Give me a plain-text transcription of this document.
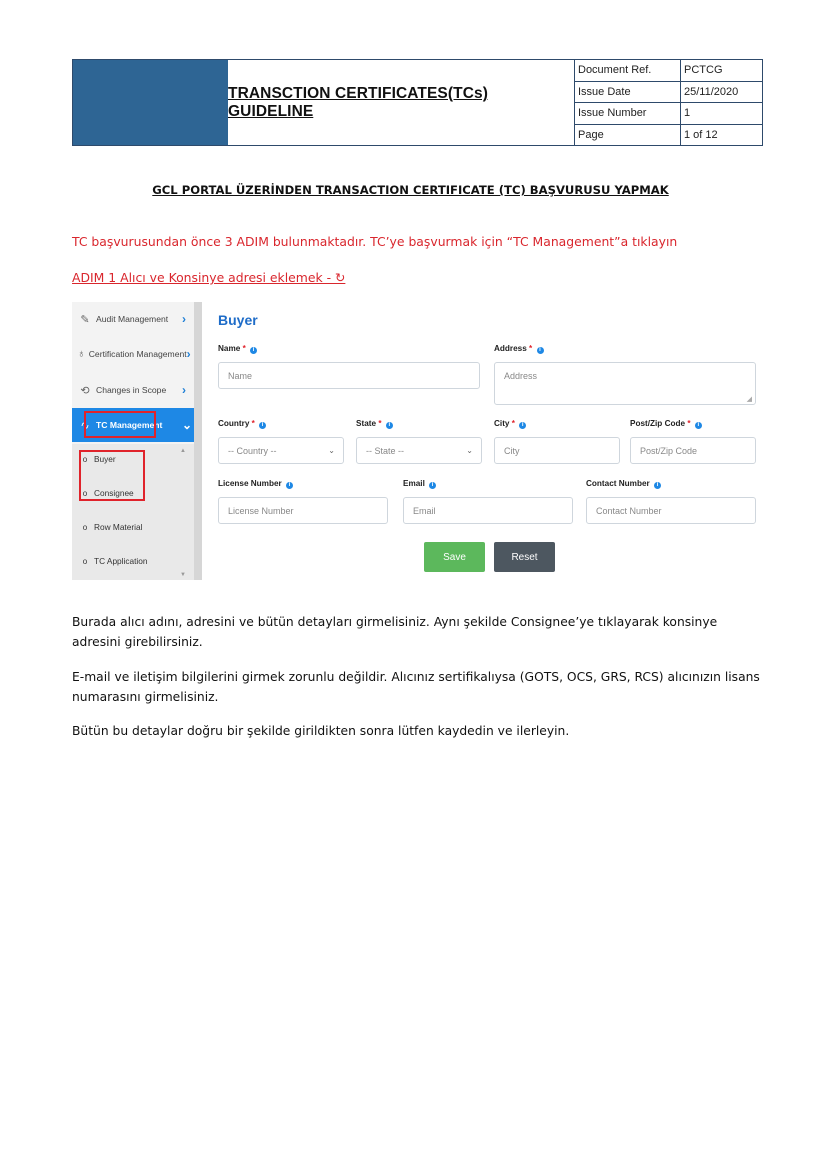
TRANSCTION CERTIFICATES(TCs) GUIDELINE
Document Ref.	PCTCG
Issue Date	25/11/2020
Issue Number	1
Page	1 of 12
GCL PORTAL ÜZERİNDEN TRANSACTION CERTIFICATE (TC) BAŞVURUSU YAPMAK
TC başvurusundan önce 3 ADIM bulunmaktadır. TC’ye başvurmak için “TC Management”a tıklayın
ADIM 1 Alıcı ve Konsinye adresi eklemek - ↻
✎ Audit Management	›
♁ Certification Management ›
⟲ Changes in Scope	›
∿ TC Management	⌄
o Buyer
o Consignee
o Row Material
o TC Application
▲
▼
Buyer
Name * i
Name
Address * i
Address
◢
Country * i
-- Country --	⌄
State * i
-- State --	⌄
City * i
City
Post/Zip Code * i
Post/Zip Code
License Number i
License Number
Email i
Email
Contact Number i
Contact Number
Save	Reset
Burada alıcı adını, adresini ve bütün detayları girmelisiniz. Aynı şekilde Consignee’ye tıklayarak konsinye adresini girebilirsiniz.
E-mail ve iletişim bilgilerini girmek zorunlu değildir. Alıcınız sertifikalıysa (GOTS, OCS, GRS, RCS) alıcınızın lisans numarasını girmelisiniz.
Bütün bu detaylar doğru bir şekilde girildikten sonra lütfen kaydedin ve ilerleyin.
